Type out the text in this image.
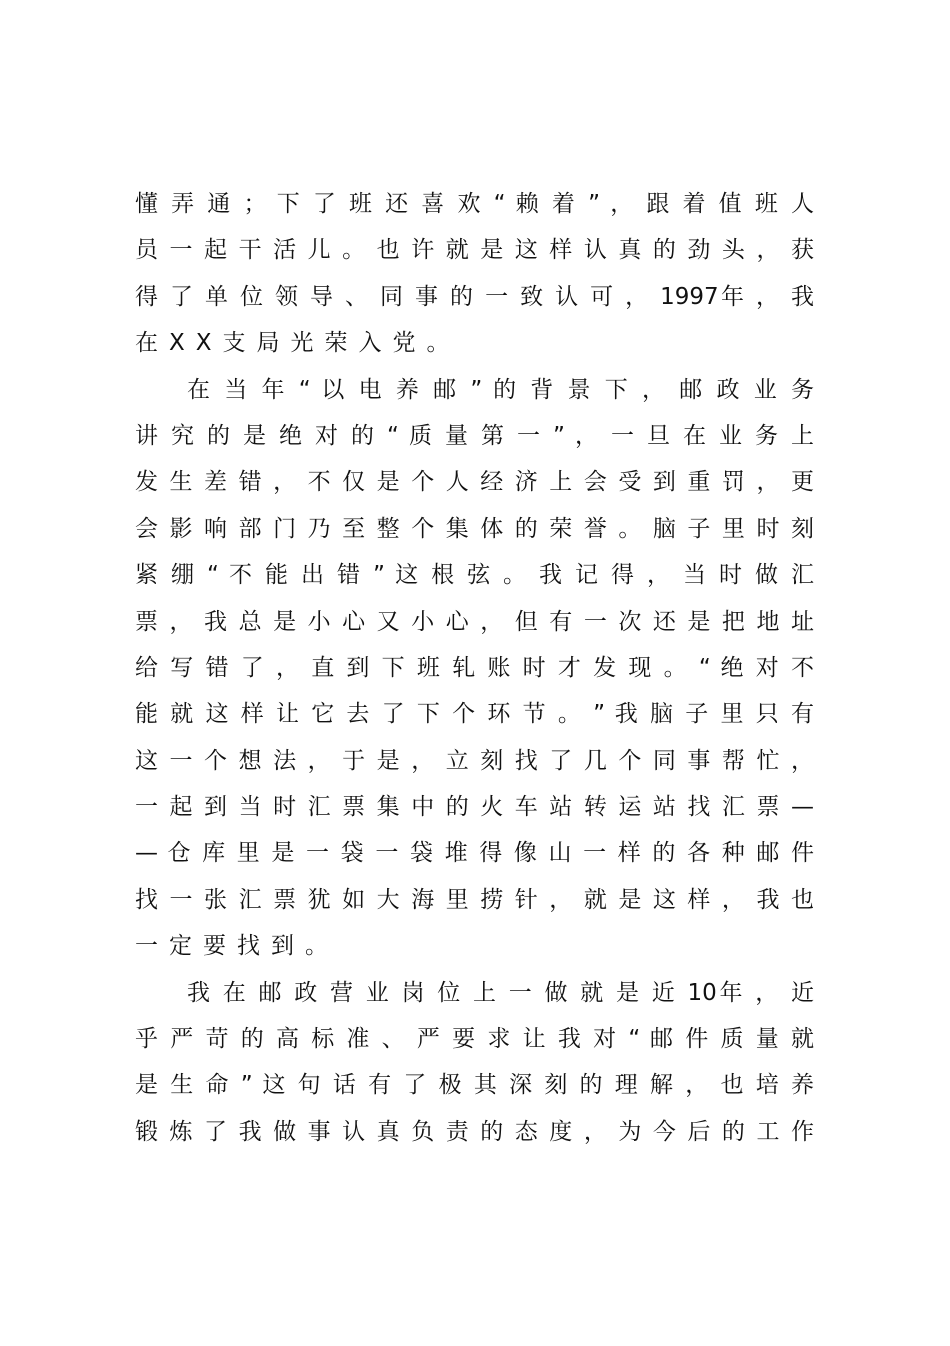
懂 弄 通 ； 下 了 班 还 喜 欢 “ 赖 着 ” ， 跟 着 值 班 人
员 一 起 干 活 儿 。 也 许 就 是 这 样 认 真 的 劲 头 ， 获
得 了 单 位 领 导 、 同 事 的 一 致 认 可 ， 1997年 ， 我
在XX支局光荣入党。
在 当 年 “ 以 电 养 邮 ” 的 背 景 下 ， 邮 政 业 务
讲 究 的 是 绝 对 的 “ 质 量 第 一 ” ， 一 旦 在 业 务 上
发 生 差 错 ， 不 仅 是 个 人 经 济 上 会 受 到 重 罚 ， 更
会 影 响 部 门 乃 至 整 个 集 体 的 荣 誉 。 脑 子 里 时 刻
紧 绷 “ 不 能 出 错 ” 这 根 弦 。 我 记 得 ， 当 时 做 汇
票 ， 我 总 是 小 心 又 小 心 ， 但 有 一 次 还 是 把 地 址
给 写 错 了 ， 直 到 下 班 轧 账 时 才 发 现 。 “ 绝 对 不
能 就 这 样 让 它 去 了 下 个 环 节 。 ” 我 脑 子 里 只 有
这 一 个 想 法 ， 于 是 ， 立 刻 找 了 几 个 同 事 帮 忙 ，
一 起 到 当 时 汇 票 集 中 的 火 车 站 转 运 站 找 汇 票 —
— 仓 库 里 是 一 袋 一 袋 堆 得 像 山 一 样 的 各 种 邮 件
找 一 张 汇 票 犹 如 大 海 里 捞 针 ， 就 是 这 样 ， 我 也
一定要找到。
我 在 邮 政 营 业 岗 位 上 一 做 就 是 近 10年 ， 近
乎 严 苛 的 高 标 准 、 严 要 求 让 我 对 “ 邮 件 质 量 就
是 生 命 ” 这 句 话 有 了 极 其 深 刻 的 理 解 ， 也 培 养
锻 炼 了 我 做 事 认 真 负 责 的 态 度 ， 为 今 后 的 工 作
